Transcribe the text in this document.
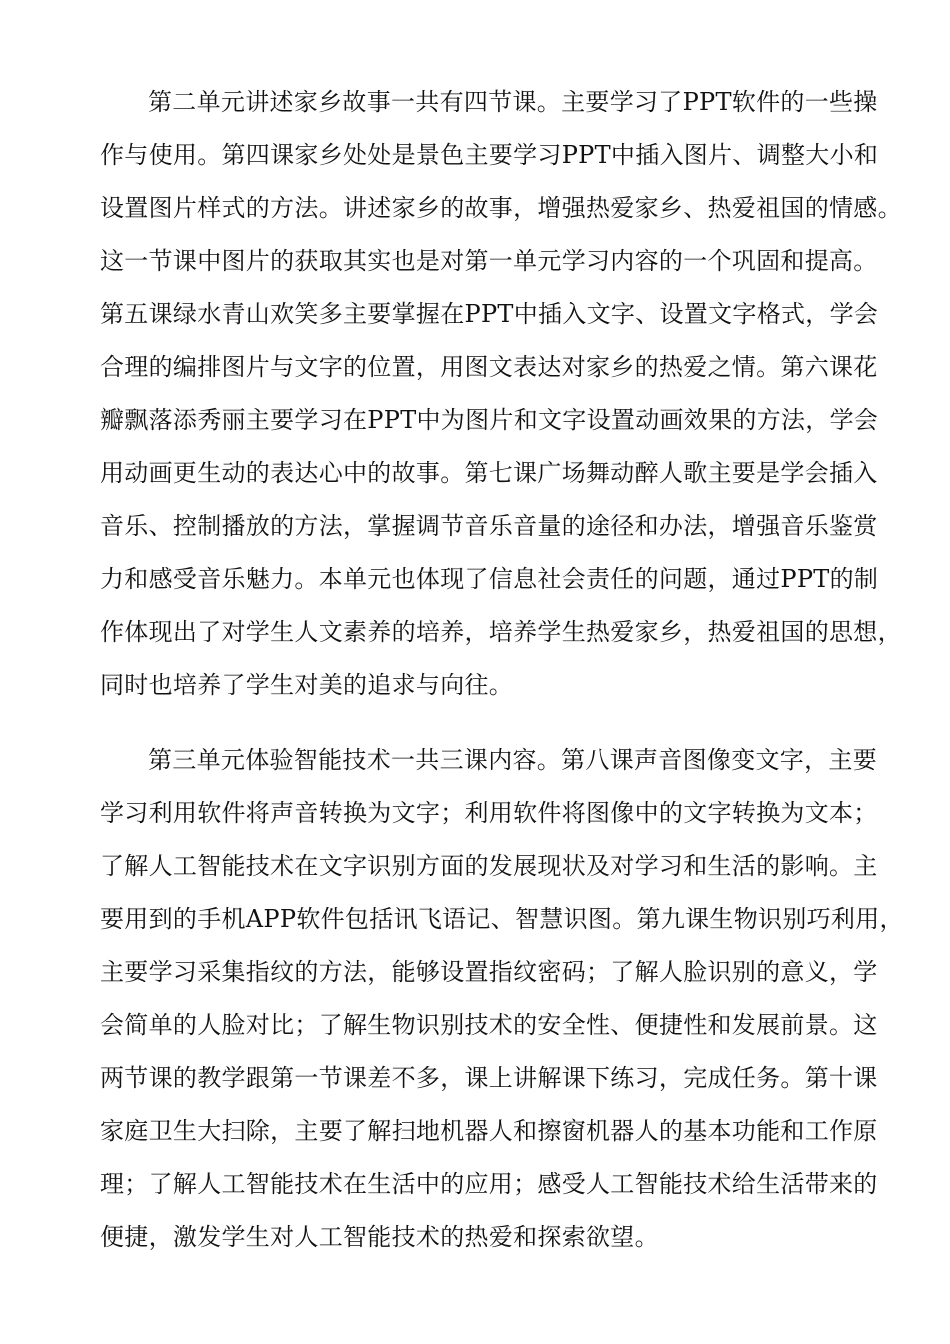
第二单元讲述家乡故事一共有四节课。主要学习了PPT软件的一些操
作与使用。第四课家乡处处是景色主要学习PPT中插入图片、调整大小和
设置图片样式的方法。讲述家乡的故事，增强热爱家乡、热爱祖国的情感。
这一节课中图片的获取其实也是对第一单元学习内容的一个巩固和提高。
第五课绿水青山欢笑多主要掌握在PPT中插入文字、设置文字格式，学会
合理的编排图片与文字的位置，用图文表达对家乡的热爱之情。第六课花
瓣飘落添秀丽主要学习在PPT中为图片和文字设置动画效果的方法，学会
用动画更生动的表达心中的故事。第七课广场舞动醉人歌主要是学会插入
音乐、控制播放的方法，掌握调节音乐音量的途径和办法，增强音乐鉴赏
力和感受音乐魅力。本单元也体现了信息社会责任的问题，通过PPT的制
作体现出了对学生人文素养的培养，培养学生热爱家乡，热爱祖国的思想，
同时也培养了学生对美的追求与向往。
第三单元体验智能技术一共三课内容。第八课声音图像变文字，主要
学习利用软件将声音转换为文字；利用软件将图像中的文字转换为文本；
了解人工智能技术在文字识别方面的发展现状及对学习和生活的影响。主
要用到的手机APP软件包括讯飞语记、智慧识图。第九课生物识别巧利用，
主要学习采集指纹的方法，能够设置指纹密码；了解人脸识别的意义，学
会简单的人脸对比；了解生物识别技术的安全性、便捷性和发展前景。这
两节课的教学跟第一节课差不多，课上讲解课下练习，完成任务。第十课
家庭卫生大扫除，主要了解扫地机器人和擦窗机器人的基本功能和工作原
理；了解人工智能技术在生活中的应用；感受人工智能技术给生活带来的
便捷，激发学生对人工智能技术的热爱和探索欲望。
